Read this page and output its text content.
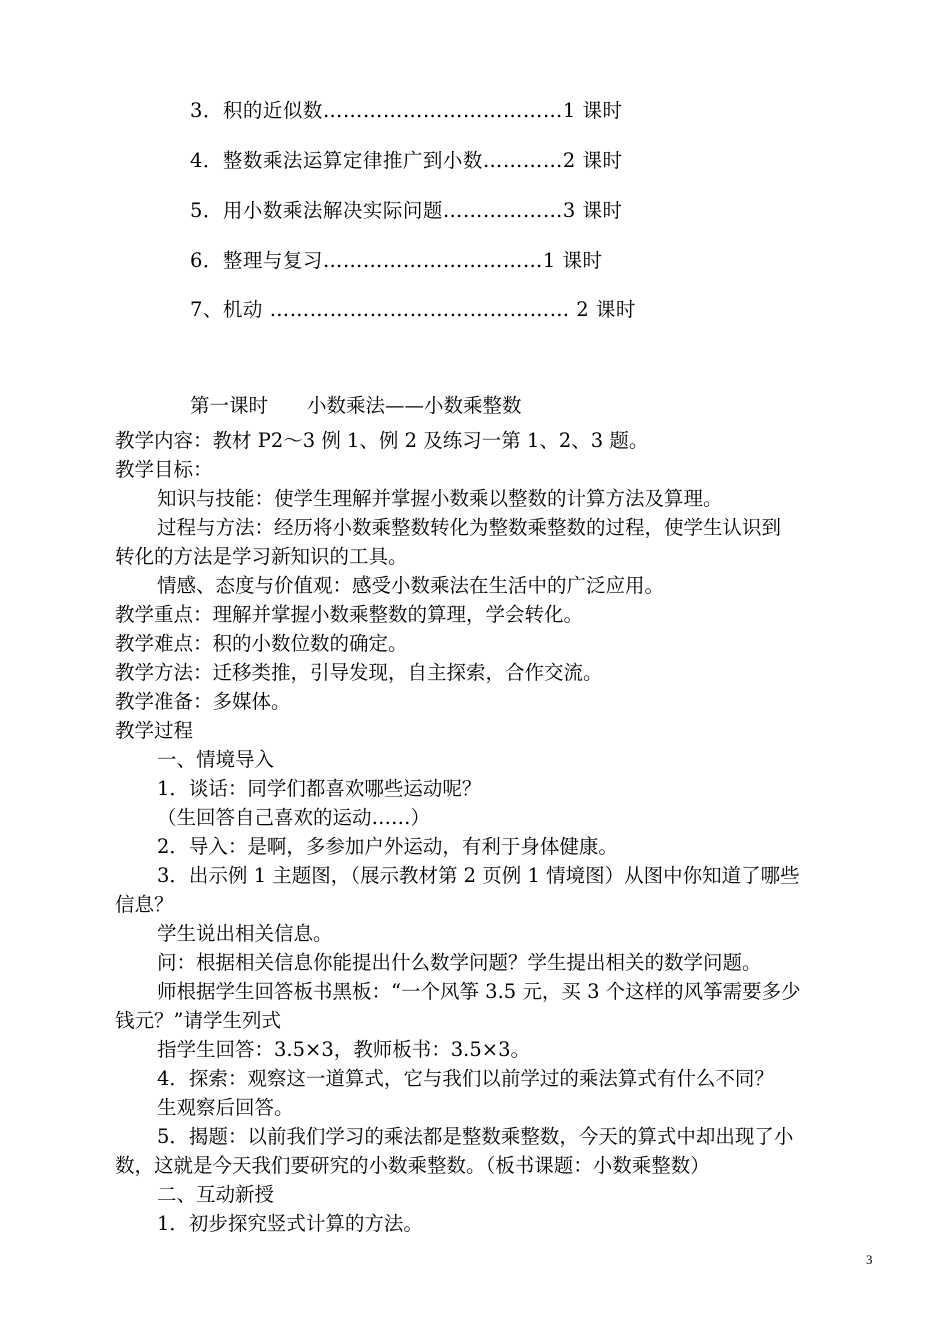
3．积的近似数………………………………1 课时
4．整数乘法运算定律推广到小数…………2 课时
5．用小数乘法解决实际问题………………3 课时
6．整理与复习……………………………1 课时
7、机动 ……………………………………… 2 课时
第一课时　　小数乘法——小数乘整数
教学内容：教材 P2～3 例 1、例 2 及练习一第 1、2、3 题。
教学目标：
知识与技能：使学生理解并掌握小数乘以整数的计算方法及算理。
过程与方法：经历将小数乘整数转化为整数乘整数的过程，使学生认识到
转化的方法是学习新知识的工具。
情感、态度与价值观：感受小数乘法在生活中的广泛应用。
教学重点：理解并掌握小数乘整数的算理，学会转化。
教学难点：积的小数位数的确定。
教学方法：迁移类推，引导发现，自主探索，合作交流。
教学准备：多媒体。
教学过程
一、情境导入
1．谈话：同学们都喜欢哪些运动呢？
（生回答自己喜欢的运动……）
2．导入：是啊，多参加户外运动，有利于身体健康。
3．出示例 1 主题图，（展示教材第 2 页例 1 情境图）从图中你知道了哪些
信息？
学生说出相关信息。
问：根据相关信息你能提出什么数学问题？学生提出相关的数学问题。
师根据学生回答板书黑板：“一个风筝 3.5 元，买 3 个这样的风筝需要多少
钱元？”请学生列式
指学生回答：3.5×3，教师板书：3.5×3。
4．探索：观察这一道算式，它与我们以前学过的乘法算式有什么不同？
生观察后回答。
5．揭题：以前我们学习的乘法都是整数乘整数，今天的算式中却出现了小
数，这就是今天我们要研究的小数乘整数。（板书课题：小数乘整数）
二、互动新授
1．初步探究竖式计算的方法。
3
